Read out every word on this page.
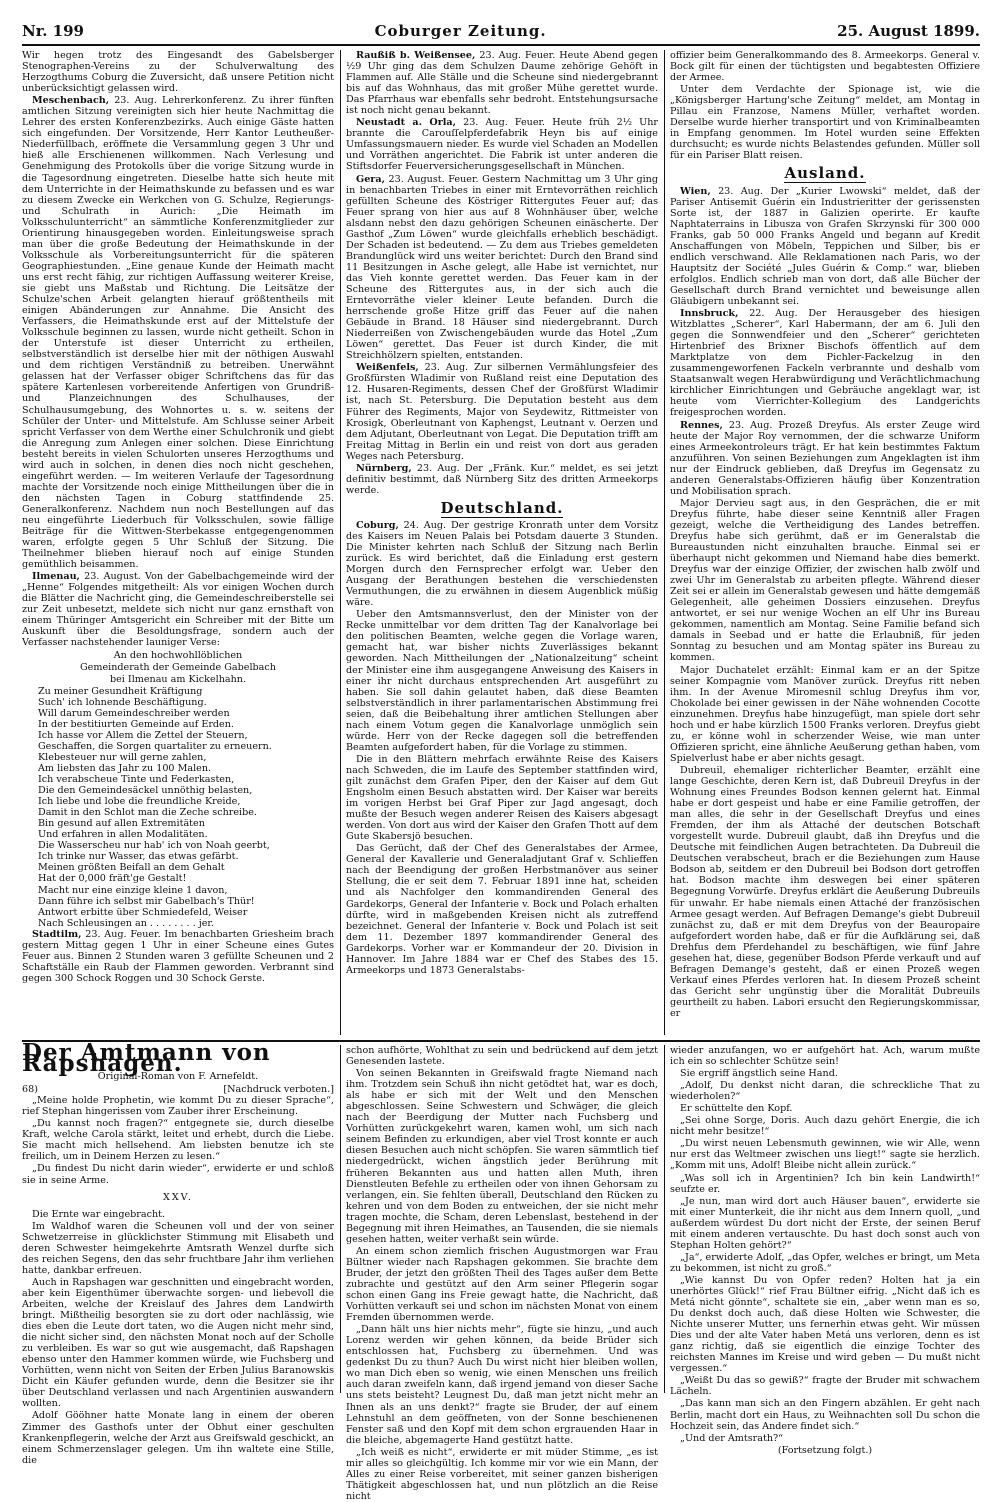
Nr. 199	Coburger Zeitung.	25. August 1899.

Wir hegen trotz des Eingesandt des Gabelsberger Stenographen-Vereins zu der Schulverwaltung des Herzogthums Coburg die Zuversicht, daß unsere Petition nicht unberücksichtigt gelassen wird.

Meschenbach, 23. Aug. Lehrerkonferenz. Zu ihrer fünften amtlichen Sitzung vereinigten sich hier heute Nachmittag die Lehrer des ersten Konferenzbezirks. Auch einige Gäste hatten sich eingefunden. Der Vorsitzende, Herr Kantor Leutheußer-Niederfüllbach, eröffnete die Versammlung gegen 3 Uhr und hieß alle Erschienenen willkommen. Nach Verlesung und Genehmigung des Protokolls über die vorige Sitzung wurde in die Tagesordnung eingetreten. Dieselbe hatte sich heute mit dem Unterrichte in der Heimathskunde zu befassen und es war zu diesem Zwecke ein Werkchen von G. Schulze, Regierungs- und Schulrath in Aurich: „Die Heimath im Volksschulunterricht“ an sämmtliche Konferenzmitglieder zur Orientirung hinausgegeben worden. Einleitungsweise sprach man über die große Bedeutung der Heimathskunde in der Volksschule als Vorbereitungsunterricht für die späteren Geographiestunden. „Eine genaue Kunde der Heimath macht uns erst recht fähig, zur richtigen Auffassung weiterer Kreise, sie giebt uns Maßstab und Richtung. Die Leitsätze der Schulze'schen Arbeit gelangten hierauf größtentheils mit einigen Abänderungen zur Annahme. Die Ansicht des Verfassers, die Heimathskunde erst auf der Mittelstufe der Volksschule beginnen zu lassen, wurde nicht getheilt. Schon in der Unterstufe ist dieser Unterricht zu ertheilen, selbstverständlich ist derselbe hier mit der nöthigen Auswahl und dem richtigen Verständniß zu betreiben. Unerwähnt gelassen hat der Verfasser obiger Schriftchens das für das spätere Kartenlesen vorbereitende Anfertigen von Grundriß- und Planzeichnungen des Schulhauses, der Schulhausumgebung, des Wohnortes u. s. w. seitens der Schüler der Unter- und Mittelstufe. Am Schlusse seiner Arbeit spricht Verfasser von dem Werthe einer Schulchronik und giebt die Anregung zum Anlegen einer solchen. Diese Einrichtung besteht bereits in vielen Schulorten unseres Herzogthums und wird auch in solchen, in denen dies noch nicht geschehen, eingeführt werden. — Im weiteren Verlaufe der Tagesordnung machte der Vorsitzende noch einige Mittheilungen über die in den nächsten Tagen in Coburg stattfindende 25. Generalkonferenz. Nachdem nun noch Bestellungen auf das neu eingeführte Liederbuch für Volksschulen, sowie fällige Beiträge für die Wittwen-Sterbekasse entgegengenommen waren, erfolgte gegen 5 Uhr Schluß der Sitzung. Die Theilnehmer blieben hierauf noch auf einige Stunden gemüthlich beisammen.

Ilmenau, 23. August. Von der Gabelbachgemeinde wird der „Henne“ Folgendes mitgetheilt: Als vor einigen Wochen durch die Blätter die Nachricht ging, die Gemeindeschreiberstelle sei zur Zeit unbesetzt, meldete sich nicht nur ganz ernsthaft von einem Thüringer Amtsgericht ein Schreiber mit der Bitte um Auskunft über die Besoldungsfrage, sondern auch der Verfasser nachstehender launiger Verse:

An den hochwohllöblichen

Gemeinderath der Gemeinde Gabelbach

bei Ilmenau am Kickelhahn.

Zu meiner Gesundheit Kräftigung
Such' ich lohnende Beschäftigung.
Will darum Gemeindeschreiber werden
In der bestitiurten Gemeinde auf Erden.
Ich hasse vor Allem die Zettel der Steuern,
Geschaffen, die Sorgen quartaliter zu erneuern.
Klebesteuer nur will gerne zahlen,
Am liebsten das Jahr zu 100 Malen.
Ich verabscheue Tinte und Federkasten,
Die den Gemeindesäckel unnöthig belasten,
Ich liebe und lobe die freundliche Kreide,
Damit in den Schlot man die Zeche schreibe.
Bin gesund auf allen Extremitäten
Und erfahren in allen Modalitäten.
Die Wasserscheu nur hab' ich von Noah geerbt,
Ich trinke nur Wasser, das etwas gefärbt.
Meinen größten Beifall an dem Gehalt
Hat der 0,000 fräft'ge Gestalt!
Macht nur eine einzige kleine 1 davon,
Dann führe ich selbst mir Gabelbach's Thür!
Antwort erbitte über Schmiedefeld, Weiser
Nach Schleusingen an . . . . . . . . jer.

Stadtilm, 23. Aug. Feuer. Im benachbarten Griesheim brach gestern Mittag gegen 1 Uhr in einer Scheune eines Gutes Feuer aus. Binnen 2 Stunden waren 3 gefüllte Scheunen und 2 Schaftställe ein Raub der Flammen geworden. Verbrannt sind gegen 300 Schock Roggen und 30 Schock Gerste.

Raußiß b. Weißensee, 23. Aug. Feuer. Heute Abend gegen ½9 Uhr ging das dem Schulzen Daume zehörige Gehöft in Flammen auf. Alle Ställe und die Scheune sind niedergebrannt bis auf das Wohnhaus, das mit großer Mühe gerettet wurde. Das Pfarrhaus war ebenfalls sehr bedroht. Entstehungsursache ist noch nicht genau bekannt.

Neustadt a. Orla, 23. Aug. Feuer. Heute früh 2½ Uhr brannte die Carouſſelpferdefabrik Heyn bis auf einige Umfassungsmauern nieder. Es wurde viel Schaden an Modellen und Vorräthen angerichtet. Die Fabrik ist unter anderen die Stiftsdorfer Feuerversicherungsgesellschaft in München.

Gera, 23. August. Feuer. Gestern Nachmittag um 3 Uhr ging in benachbarten Triebes in einer mit Erntevorräthen reichlich gefüllten Scheune des Köstriger Rittergutes Feuer auf; das Feuer sprang von hier aus auf 8 Wohnhäuser über, welche alsdann nebst den dazu gehörigen Scheunen einäscherte. Der Gasthof „Zum Löwen“ wurde gleichfalls erheblich beschädigt. Der Schaden ist bedeutend. — Zu dem aus Triebes gemeldeten Brandunglück wird uns weiter berichtet: Durch den Brand sind 11 Besitzungen in Asche gelegt, alle Habe ist vernichtet, nur das Vieh konnte gerettet werden. Das Feuer kam in der Scheune des Rittergutes aus, in der sich auch die Erntevorräthe vieler kleiner Leute befanden. Durch die herrschende große Hitze griff das Feuer auf die nahen Gebäude in Brand. 18 Häuser sind niedergebrannt. Durch Niederreißen von Zwischengebäuden wurde das Hotel „Zum Löwen“ gerettet. Das Feuer ist durch Kinder, die mit Streichhölzern spielten, entstanden.

Weißenfels, 23. Aug. Zur silbernen Vermählungsfeier des Großfürsten Wladimir von Rußland reist eine Deputation des 12. Husaren-Regiments, dessen Chef der Großfürst Wladimir ist, nach St. Petersburg. Die Deputation besteht aus dem Führer des Regiments, Major von Seydewitz, Rittmeister von Krosigk, Oberleutnant von Kaphengst, Leutnant v. Oerzen und dem Adjutant, Oberleutnant von Legat. Die Deputation trifft am Freitag Mittag in Berlin ein und reist von dort aus geraden Weges nach Petersburg.

Nürnberg, 23. Aug. Der „Fränk. Kur.“ meldet, es sei jetzt definitiv bestimmt, daß Nürnberg Sitz des dritten Armeekorps werde.

Deutschland.

Coburg, 24. Aug. Der gestrige Kronrath unter dem Vorsitz des Kaisers im Neuen Palais bei Potsdam dauerte 3 Stunden. Die Minister kehrten nach Schluß der Sitzung nach Berlin zurück. Es wird berichtet, daß die Einladung erst gestern Morgen durch den Fernsprecher erfolgt war. Ueber den Ausgang der Berathungen bestehen die verschiedensten Vermuthungen, die zu erwähnen in diesem Augenblick müßig wäre.

Ueber den Amtsmannsverlust, den der Minister von der Recke unmittelbar vor dem dritten Tag der Kanalvorlage bei den politischen Beamten, welche gegen die Vorlage waren, gemacht hat, war bisher nichts Zuverlässiges bekannt geworden. Nach Mittheilungen der „Nationalzeitung“ scheint der Minister eine ihm ausgegangene Anweisung des Kaisers in einer ihr nicht durchaus entsprechenden Art ausgeführt zu haben. Sie soll dahin gelautet haben, daß diese Beamten selbstverständlich in ihrer parlamentarischen Abstimmung frei seien, daß die Beibehaltung ihrer amtlichen Stellungen aber nach einem Votum gegen die Kanalvorlage unmöglich sein würde. Herr von der Recke dagegen soll die betreffenden Beamten aufgefordert haben, für die Vorlage zu stimmen.

Die in den Blättern mehrfach erwähnte Reise des Kaisers nach Schweden, die im Laufe des September stattfinden wird, gilt zunächst dem Grafen Piper, den der Kaiser auf dem Gut Engsholm einen Besuch abstatten wird. Der Kaiser war bereits im vorigen Herbst bei Graf Piper zur Jagd angesagt, doch mußte der Besuch wegen anderer Reisen des Kaisers abgesagt werden. Von dort aus wird der Kaiser den Grafen Thott auf dem Gute Skabersjö besuchen.

Das Gerücht, daß der Chef des Generalstabes der Armee, General der Kavallerie und Generaladjutant Graf v. Schlieffen nach der Beendigung der großen Herbstmanöver aus seiner Stellung, die er seit dem 7. Februar 1891 inne hat, scheiden und als Nachfolger den kommandirenden General des Gardekorps, General der Infanterie v. Bock und Polach erhalten dürfte, wird in maßgebenden Kreisen nicht als zutreffend bezeichnet. General der Infanterie v. Bock und Polach ist seit dem 11. Dezember 1897 kommandirender General des Gardekorps. Vorher war er Kommandeur der 20. Division in Hannover. Im Jahre 1884 war er Chef des Stabes des 15. Armeekorps und 1873 Generalstabs-

offizier beim Generalkommando des 8. Armeekorps. General v. Bock gilt für einen der tüchtigsten und begabtesten Offiziere der Armee.

Unter dem Verdachte der Spionage ist, wie die „Königsberger Hartung'sche Zeitung“ meldet, am Montag in Pillau ein Franzose, Namens Müller, verhaftet worden. Derselbe wurde hierher transportirt und von Kriminalbeamten in Empfang genommen. Im Hotel wurden seine Effekten durchsucht; es wurde nichts Belastendes gefunden. Müller soll für ein Pariser Blatt reisen.

Ausland.

Wien, 23. Aug. Der „Kurier Lwowski“ meldet, daß der Pariser Antisemit Guérin ein Industrieritter der gerissensten Sorte ist, der 1887 in Galizien operirte. Er kaufte Naphtaterrains in Libusza von Grafen Skrzynski für 300 000 Franks, gab 50 000 Franks Angeld und begann auf Kredit Anschaffungen von Möbeln, Teppichen und Silber, bis er endlich verschwand. Alle Reklamationen nach Paris, wo der Hauptsitz der Société „Jules Guérin & Comp.“ war, blieben erfolglos. Endlich schrieb man von dort, daß alle Bücher der Gesellschaft durch Brand vernichtet und beweisunge allen Gläubigern unbekannt sei.

Innsbruck, 22. Aug. Der Herausgeber des hiesigen Witzblattes „Scherer“, Karl Habermann, der am 6. Juli den gegen die Sonnwendfeier und den „Scherer“ gerichteten Hirtenbrief des Brixner Bischofs öffentlich auf dem Marktplatze von dem Pichler-Fackelzug in den zusammengeworfenen Fackeln verbrannte und deshalb vom Staatsanwalt wegen Herabwürdigung und Verächtlichmachung kirchlicher Einrichtungen und Gebräuche angeklagt war, ist heute vom Vierrichter-Kollegium des Landgerichts freigesprochen worden.

Rennes, 23. Aug. Prozeß Dreyfus. Als erster Zeuge wird heute der Major Roy vernommen, der die schwarze Uniform eines Armeekontroleurs trägt. Er hat kein bestimmtes Faktum anzuführen. Von seinen Beziehungen zum Angeklagten ist ihm nur der Eindruck geblieben, daß Dreyfus im Gegensatz zu anderen Generalstabs-Offizieren häufig über Konzentration und Mobilisation sprach.

Major Dervieu sagt aus, in den Gesprächen, die er mit Dreyfus führte, habe dieser seine Kenntniß aller Fragen gezeigt, welche die Vertheidigung des Landes betreffen. Dreyfus habe sich gerühmt, daß er im Generalstab die Bureaustunden nicht einzuhalten brauche. Einmal sei er überhaupt nicht gekommen und Niemand habe dies bemerkt. Dreyfus war der einzige Offizier, der zwischen halb zwölf und zwei Uhr im Generalstab zu arbeiten pflegte. Während dieser Zeit sei er allein im Generalstab gewesen und hätte demgemäß Gelegenheit, alle geheimen Dossiers einzusehen. Dreyfus antwortet, er sei nur wenige Wochen an elf Uhr ins Bureau gekommen, namentlich am Montag. Seine Familie befand sich damals in Seebad und er hatte die Erlaubniß, für jeden Sonntag zu besuchen und am Montag später ins Bureau zu kommen.

Major Duchatelet erzählt: Einmal kam er an der Spitze seiner Kompagnie vom Manöver zurück. Dreyfus ritt neben ihm. In der Avenue Miromesnil schlug Dreyfus ihm vor, Chokolade bei einer gewissen in der Nähe wohnenden Cocotte einzunehmen. Dreyfus habe hinzugefügt, man spiele dort sehr hoch und er habe kürzlich 1500 Franks verloren. Dreyfus giebt zu, er könne wohl in scherzender Weise, wie man unter Offizieren spricht, eine ähnliche Aeußerung gethan haben, vom Spielverlust habe er aber nichts gesagt.

Dubreuil, ehemaliger richterlicher Beamter, erzählt eine lange Geschichte, deren Kern ist, daß Dubreuil Dreyfus in der Wohnung eines Freundes Bodson kennen gelernt hat. Einmal habe er dort gespeist und habe er eine Familie getroffen, der man alles, die sehr in der Gesellschaft Dreyfus und eines Fremden, der ihm als Attaché der deutschen Botschaft vorgestellt wurde. Dubreuil glaubt, daß ihn Dreyfus und die Deutsche mit feindlichen Augen betrachteten. Da Dubreuil die Deutschen verabscheut, brach er die Beziehungen zum Hause Bodson ab, seitdem er den Dubreuil bei Bodson dort getroffen hat. Bodson machte ihm deswegen bei einer späteren Begegnung Vorwürfe. Dreyfus erklärt die Aeußerung Dubreuils für unwahr. Er habe niemals einen Attaché der französischen Armee gesagt werden. Auf Befragen Demange's giebt Dubreuil zunächst zu, daß er mit dem Dreyfus von der Beauropaire aufgefordert worden habe, daß er für die Aufklärung sei, daß Drehfus dem Pferdehandel zu beschäftigen, wie fünf Jahre gesehen hat, diese, gegenüber Bodson Pferde verkauft und auf Befragen Demange's gesteht, daß er einen Prozeß wegen Verkauf eines Pferdes verloren hat. In diesem Prozeß scheint das Gericht sehr ungünstig über die Moralität Dubreuils geurtheilt zu haben. Labori ersucht den Regierungskommissar, er

Der Amtmann von Rapshagen.
Original-Roman von F. Arnefeldt.
68)	[Nachdruck verboten.]

„Meine holde Prophetin, wie kommt Du zu dieser Sprache“, rief Stephan hingerissen vom Zauber ihrer Erscheinung.

„Du kannst noch fragen?“ entgegnete sie, durch dieselbe Kraft, welche Carola stärkt, leitet und erhebt, durch die Liebe. Sie macht mich hellsehend. Am liebsten benutze ich ste freilich, um in Deinem Herzen zu lesen.“

„Du findest Du nicht darin wieder“, erwiderte er und schloß sie in seine Arme.

XXV.

Die Ernte war eingebracht.

Im Waldhof waren die Scheunen voll und der von seiner Schwetzerreise in glücklichster Stimmung mit Elisabeth und deren Schwester heimgekehrte Amtsrath Wenzel durfte sich des reichen Segens, den das sehr fruchtbare Jahr ihm verliehen hatte, dankbar erfreuen.

Auch in Rapshagen war geschnitten und eingebracht worden, aber kein Eigenthümer überwachte sorgen- und liebevoll die Arbeiten, welche der Kreislauf des Jahres dem Landwirth bringt. Mißtheilig besorgten sie zu dort oder nachlässig, wie dies eben die Leute dort taten, wo die Augen nicht mehr sind, die nicht sicher sind, den nächsten Monat noch auf der Scholle zu verbleiben. Es war so gut wie ausgemacht, daß Rapshagen ebenso unter den Hammer kommen würde, wie Fuchsberg und Vorhütten, wenn nicht von Seiten der Erben Julius Baranowskis Dicht ein Käufer gefunden wurde, denn die Besitzer sie ihr über Deutschland verlassen und nach Argentinien auswandern wollten.

Adolf Gööhner hatte Monate lang in einem der oberen Zimmer des Gasthofs unter der Obhut einer geschulten Krankenpflegerin, welche der Arzt aus Greifswald geschickt, an einem Schmerzenslager gelegen. Um ihn waltete eine Stille, die

schon aufhörte, Wohlthat zu sein und bedrückend auf dem jetzt Genesenden lastete.

Von seinen Bekannten in Greifswald fragte Niemand nach ihm. Trotzdem sein Schuß ihn nicht getödtet hat, war es doch, als habe er sich mit der Welt und den Menschen abgeschlossen. Seine Schwestern und Schwäger, die gleich nach der Beerdigung der Mutter nach Fuchsberg und Vorhütten zurückgekehrt waren, kamen wohl, um sich nach seinem Befinden zu erkundigen, aber viel Trost konnte er auch diesen Besuchen auch nicht schöpfen. Sie waren sämmtlich tief niedergedrückt, wichen ängstlich jeder Berührung mit früheren Bekannten aus und hatten allen Muth, ihren Dienstleuten Befehle zu ertheilen oder von ihnen Gehorsam zu verlangen, ein. Sie fehlten überall, Deutschland den Rücken zu kehren und von dem Boden zu entweichen, der sie nicht mehr tragen mochte, die Scham, deren Lebenslast, bestehend in der Begegnung mit ihren Heimathes, an Tausenden, die sie niemals gesehen hatten, weiter verhaßt sein würde.

An einem schon ziemlich frischen Augustmorgen war Frau Bültner wieder nach Rapshagen gekommen. Sie brachte dem Bruder, der jetzt den größten Theil des Tages außer dem Bette zubrachte und gestützt auf den Arm seiner Pflegerin sogar schon einen Gang ins Freie gewagt hatte, die Nachricht, daß Vorhütten verkauft sei und schon im nächsten Monat von einem Fremden übernommen werde.

„Dann hält uns hier nichts mehr“, fügte sie hinzu, „und auch Lorenz werden wir gehen können, da beide Brüder sich entschlossen hat, Fuchsberg zu übernehmen. Und was gedenkst Du zu thun? Auch Du wirst nicht hier bleiben wollen, wo man Dich eben so wenig, wie einen Menschen uns freilich auch daran zweifeln kann, daß irgend jemand von dieser Sache uns stets beisteht? Leugnest Du, daß man jetzt nicht mehr an Ihnen als an uns denkt?“ fragte sie Bruder, der auf einem Lehnstuhl an dem geöffneten, von der Sonne beschienenen Fenster saß und den Kopf mit dem schon ergrauenden Haar in die bleiche, abgemagerte Hand gestützt hatte.

„Ich weiß es nicht“, erwiderte er mit müder Stimme, „es ist mir alles so gleichgültig. Ich komme mir vor wie ein Mann, der Alles zu einer Reise vorbereitet, mit seiner ganzen bisherigen Thätigkeit abgeschlossen hat, und nun plötzlich an die Reise nicht

wieder anzufangen, wo er aufgehört hat. Ach, warum mußte ich ein so schlechter Schütze sein!

Sie ergriff ängstlich seine Hand.

„Adolf, Du denkst nicht daran, die schreckliche That zu wiederholen?“

Er schüttelte den Kopf.

„Sei ohne Sorge, Doris. Auch dazu gehört Energie, die ich nicht mehr besitze!“

„Du wirst neuen Lebensmuth gewinnen, wie wir Alle, wenn nur erst das Weltmeer zwischen uns liegt!“ sagte sie herzlich. „Komm mit uns, Adolf! Bleibe nicht allein zurück.“

„Was soll ich in Argentinien? Ich bin kein Landwirth!“ seufzte er.

„Je nun, man wird dort auch Häuser bauen“, erwiderte sie mit einer Munterkeit, die ihr nicht aus dem Innern quoll, „und außerdem würdest Du dort nicht der Erste, der seinen Beruf mit einem anderen vertauschte. Du hast doch sonst auch von Stephan Holten gehört?“

„Ja“, erwiderte Adolf, „das Opfer, welches er bringt, um Meta zu bekommen, ist nicht zu groß.“

„Wie kannst Du von Opfer reden? Holten hat ja ein unerhörtes Glück!“ rief Frau Bültner eifrig. „Nicht daß ich es Metá nicht gönnte“, schaltete sie ein, „aber wenn man es so, Du denkst doch auch, daß diese Holten wie Schwester, die Nichte unserer Mutter, uns fernerhin etwas geht. Wir müssen Dies und der alte Vater haben Metá uns verloren, denn es ist ganz richtig, daß sie eigentlich die einzige Tochter des reichsten Mannes im Kreise und wird geben — Du mußt nicht vergessen.“

„Weißt Du das so gewiß?“ fragte der Bruder mit schwachem Lächeln.

„Das kann man sich an den Fingern abzählen. Er geht nach Berlin, macht dort ein Haus, zu Weihnachten soll Du schon die Hochzeit sein, das Andere findet sich.“

„Und der Amtsrath?“

(Fortsetzung folgt.)
